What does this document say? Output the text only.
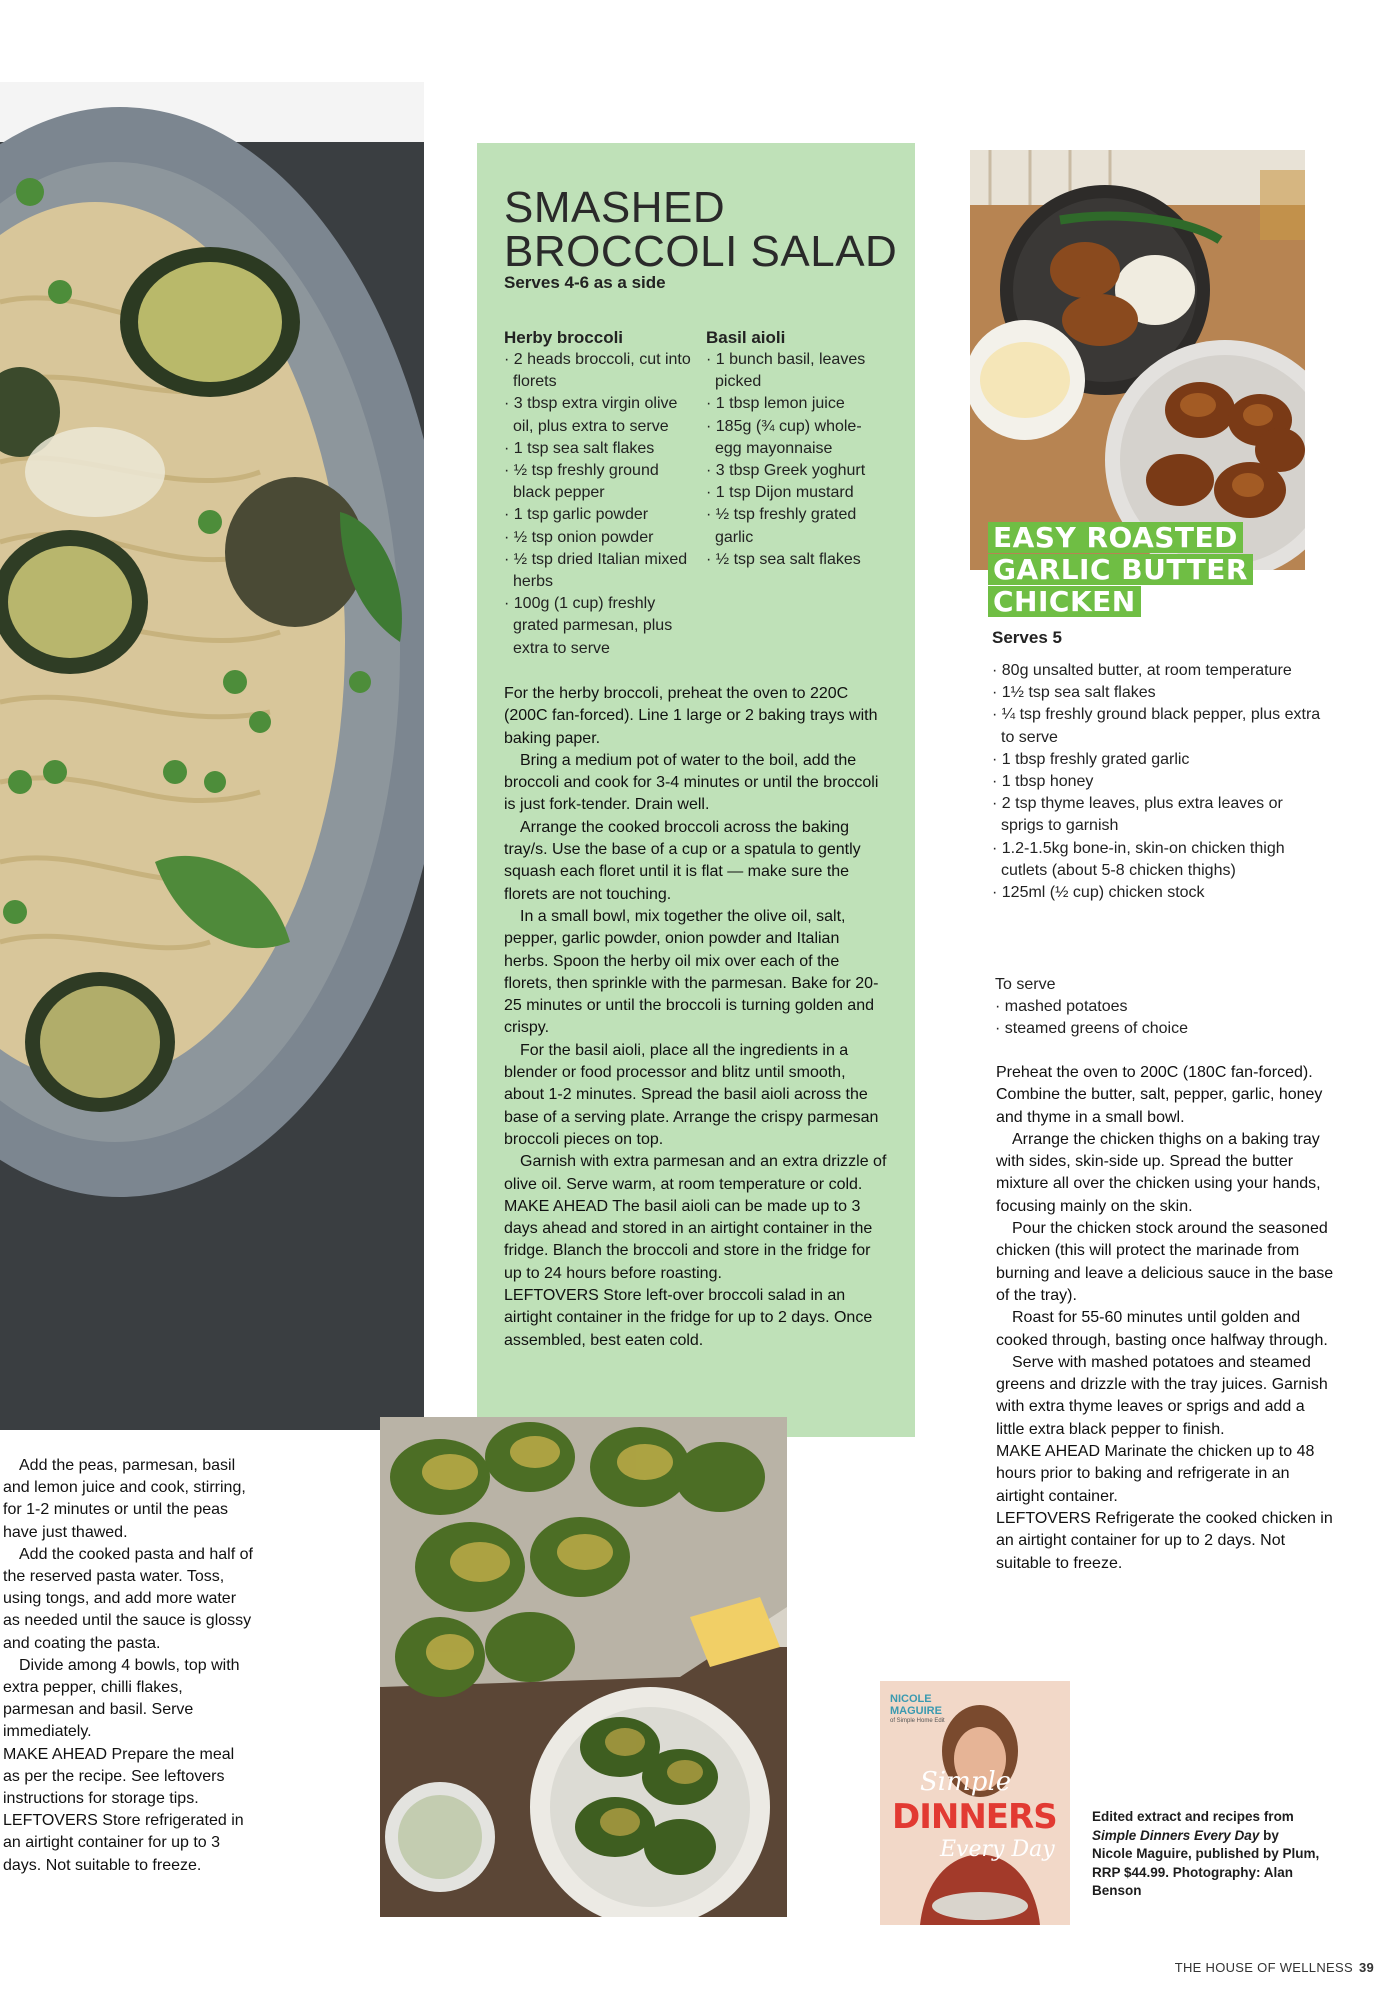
SMASHED
BROCCOLI SALAD
Serves 4-6 as a side
Herby broccoli
· 2 heads broccoli, cut into florets
· 3 tbsp extra virgin olive oil, plus extra to serve
· 1 tsp sea salt flakes
· ½ tsp freshly ground black pepper
· 1 tsp garlic powder
· ½ tsp onion powder
· ½ tsp dried Italian mixed herbs
· 100g (1 cup) freshly grated parmesan, plus extra to serve
Basil aioli
· 1 bunch basil, leaves picked
· 1 tbsp lemon juice
· 185g (¾ cup) whole-egg mayonnaise
· 3 tbsp Greek yoghurt
· 1 tsp Dijon mustard
· ½ tsp freshly grated garlic
· ½ tsp sea salt flakes

For the herby broccoli, preheat the oven to 220C (200C fan-forced). Line 1 large or 2 baking trays with baking paper.

Bring a medium pot of water to the boil, add the broccoli and cook for 3-4 minutes or until the broccoli is just fork-tender. Drain well.

Arrange the cooked broccoli across the baking tray/s. Use the base of a cup or a spatula to gently squash each floret until it is flat — make sure the florets are not touching.

In a small bowl, mix together the olive oil, salt, pepper, garlic powder, onion powder and Italian herbs. Spoon the herby oil mix over each of the florets, then sprinkle with the parmesan. Bake for 20-25 minutes or until the broccoli is turning golden and crispy.

For the basil aioli, place all the ingredients in a blender or food processor and blitz until smooth, about 1-2 minutes. Spread the basil aioli across the base of a serving plate. Arrange the crispy parmesan broccoli pieces on top.

Garnish with extra parmesan and an extra drizzle of olive oil. Serve warm, at room temperature or cold.

MAKE AHEAD The basil aioli can be made up to 3 days ahead and stored in an airtight container in the fridge. Blanch the broccoli and store in the fridge for up to 24 hours before roasting.

LEFTOVERS Store left-over broccoli salad in an airtight container in the fridge for up to 2 days. Once assembled, best eaten cold.

EASY ROASTED
GARLIC BUTTER
CHICKEN
Serves 5
· 80g unsalted butter, at room temperature
· 1½ tsp sea salt flakes
· ¼ tsp freshly ground black pepper, plus extra to serve
· 1 tbsp freshly grated garlic
· 1 tbsp honey
· 2 tsp thyme leaves, plus extra leaves or sprigs to garnish
· 1.2-1.5kg bone-in, skin-on chicken thigh cutlets (about 5-8 chicken thighs)
· 125ml (½ cup) chicken stock
To serve
· mashed potatoes
· steamed greens of choice

Preheat the oven to 200C (180C fan-forced). Combine the butter, salt, pepper, garlic, honey and thyme in a small bowl.

Arrange the chicken thighs on a baking tray with sides, skin-side up. Spread the butter mixture all over the chicken using your hands, focusing mainly on the skin.

Pour the chicken stock around the seasoned chicken (this will protect the marinade from burning and leave a delicious sauce in the base of the tray).

Roast for 55-60 minutes until golden and cooked through, basting once halfway through.

Serve with mashed potatoes and steamed greens and drizzle with the tray juices. Garnish with extra thyme leaves or sprigs and add a little extra black pepper to finish.

MAKE AHEAD Marinate the chicken up to 48 hours prior to baking and refrigerate in an airtight container.

LEFTOVERS Refrigerate the cooked chicken in an airtight container for up to 2 days. Not suitable to freeze.

Add the peas, parmesan, basil and lemon juice and cook, stirring, for 1-2 minutes or until the peas have just thawed.

Add the cooked pasta and half of the reserved pasta water. Toss, using tongs, and add more water as needed until the sauce is glossy and coating the pasta.

Divide among 4 bowls, top with extra pepper, chilli flakes, parmesan and basil. Serve immediately.

MAKE AHEAD Prepare the meal as per the recipe. See leftovers instructions for storage tips.

LEFTOVERS Store refrigerated in an airtight container for up to 3 days. Not suitable to freeze.

NICOLE
MAGUIRE
of Simple Home Edit
Simple
DINNERS
Every Day
Edited extract and recipes from Simple Dinners Every Day by Nicole Maguire, published by Plum, RRP $44.99. Photography: Alan Benson
THE HOUSE OF WELLNESS 39
